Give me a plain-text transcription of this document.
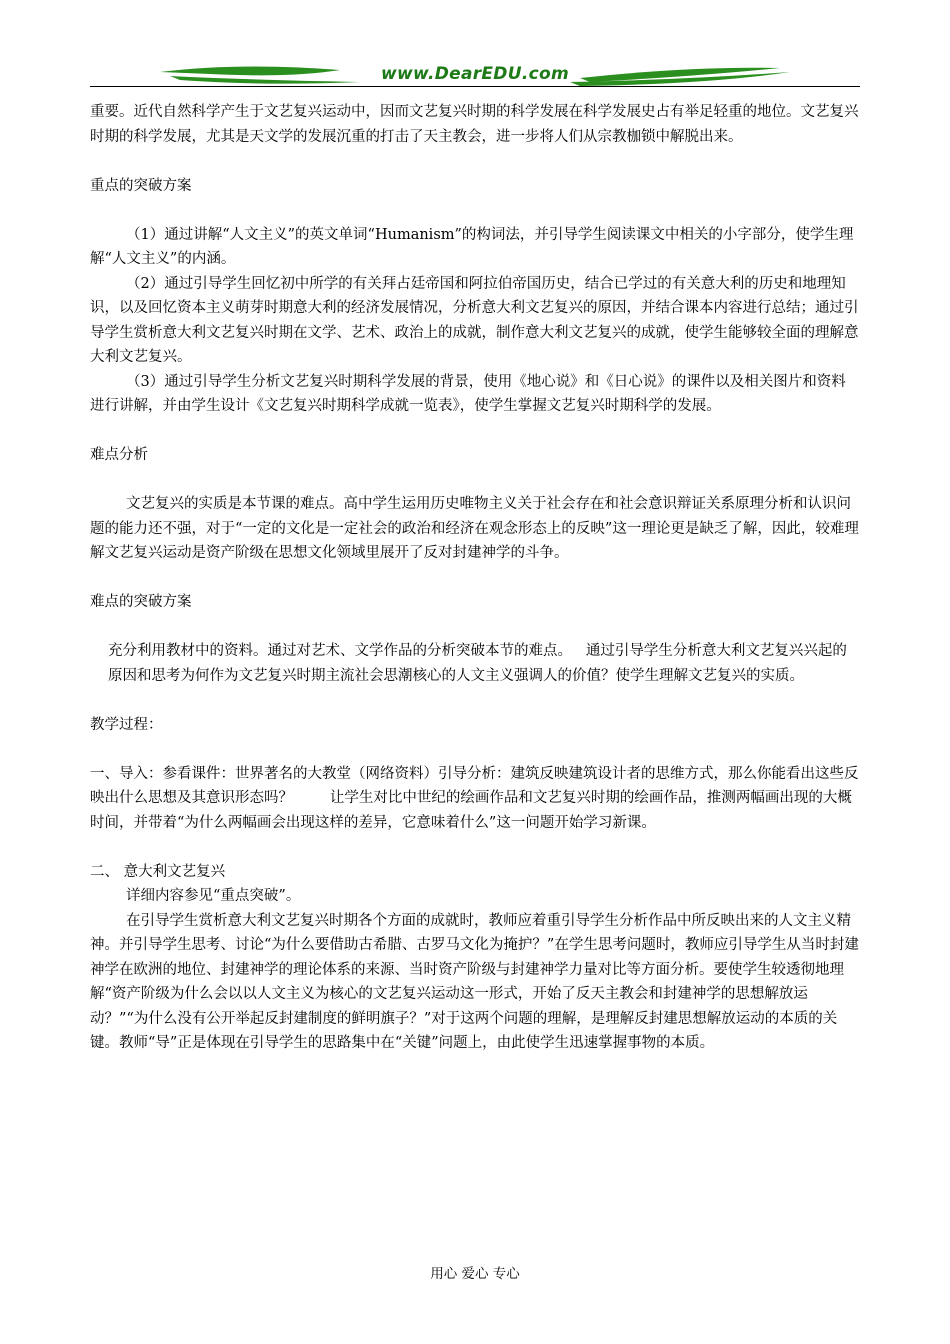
www.DearEDU.com

重要。近代自然科学产生于文艺复兴运动中，因而文艺复兴时期的科学发展在科学发展史占有举足轻重的地位。文艺复兴时期的科学发展，尤其是天文学的发展沉重的打击了天主教会，进一步将人们从宗教枷锁中解脱出来。

重点的突破方案

（1）通过讲解“人文主义”的英文单词“Humanism”的构词法，并引导学生阅读课文中相关的小字部分，使学生理解“人文主义”的内涵。

（2）通过引导学生回忆初中所学的有关拜占廷帝国和阿拉伯帝国历史，结合已学过的有关意大利的历史和地理知识，以及回忆资本主义萌芽时期意大利的经济发展情况，分析意大利文艺复兴的原因，并结合课本内容进行总结；通过引导学生赏析意大利文艺复兴时期在文学、艺术、政治上的成就，制作意大利文艺复兴的成就，使学生能够较全面的理解意大利文艺复兴。

（3）通过引导学生分析文艺复兴时期科学发展的背景，使用《地心说》和《日心说》的课件以及相关图片和资料进行讲解，并由学生设计《文艺复兴时期科学成就一览表》，使学生掌握文艺复兴时期科学的发展。

难点分析

文艺复兴的实质是本节课的难点。高中学生运用历史唯物主义关于社会存在和社会意识辩证关系原理分析和认识问题的能力还不强，对于“一定的文化是一定社会的政治和经济在观念形态上的反映”这一理论更是缺乏了解，因此，较难理解文艺复兴运动是资产阶级在思想文化领域里展开了反对封建神学的斗争。

难点的突破方案

充分利用教材中的资料。通过对艺术、文学作品的分析突破本节的难点。   通过引导学生分析意大利文艺复兴兴起的原因和思考为何作为文艺复兴时期主流社会思潮核心的人文主义强调人的价值？使学生理解文艺复兴的实质。

教学过程：

一、导入：参看课件：世界著名的大教堂（网络资料）引导分析：建筑反映建筑设计者的思维方式，那么你能看出这些反映出什么思想及其意识形态吗？        让学生对比中世纪的绘画作品和文艺复兴时期的绘画作品，推测两幅画出现的大概时间，并带着“为什么两幅画会出现这样的差异，它意味着什么”这一问题开始学习新课。

二、 意大利文艺复兴

详细内容参见“重点突破”。

在引导学生赏析意大利文艺复兴时期各个方面的成就时，教师应着重引导学生分析作品中所反映出来的人文主义精神。并引导学生思考、讨论“为什么要借助古希腊、古罗马文化为掩护？”在学生思考问题时，教师应引导学生从当时封建神学在欧洲的地位、封建神学的理论体系的来源、当时资产阶级与封建神学力量对比等方面分析。要使学生较透彻地理解“资产阶级为什么会以以人文主义为核心的文艺复兴运动这一形式，开始了反天主教会和封建神学的思想解放运动？”“为什么没有公开举起反封建制度的鲜明旗子？”对于这两个问题的理解，是理解反封建思想解放运动的本质的关键。教师“导”正是体现在引导学生的思路集中在“关键”问题上，由此使学生迅速掌握事物的本质。

用心 爱心 专心
